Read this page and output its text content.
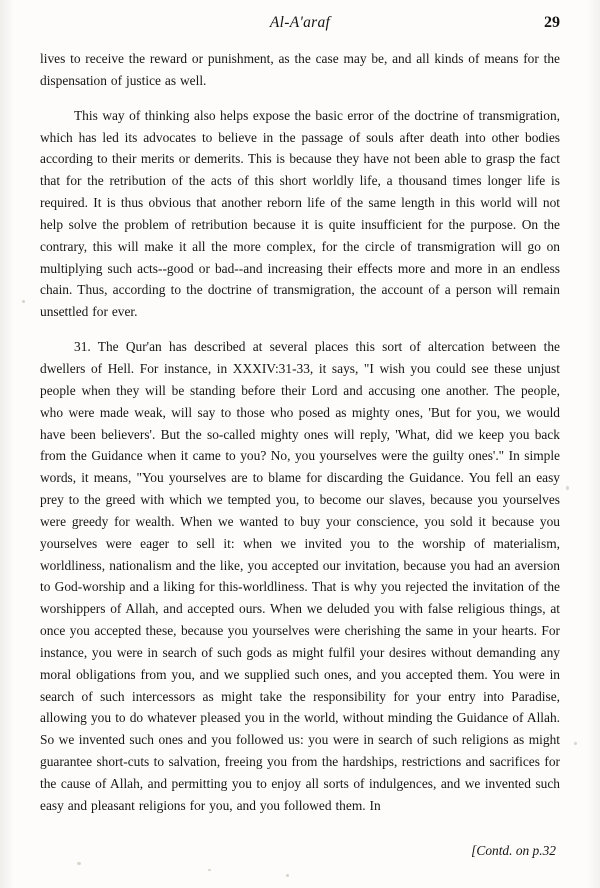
Al-A'araf	29

lives to receive the reward or punishment, as the case may be, and all kinds of means for the dispensation of justice as well.

This way of thinking also helps expose the basic error of the doctrine of transmigration, which has led its advocates to believe in the passage of souls after death into other bodies according to their merits or demerits. This is because they have not been able to grasp the fact that for the retribution of the acts of this short worldly life, a thousand times longer life is required. It is thus obvious that another reborn life of the same length in this world will not help solve the problem of retribution because it is quite insufficient for the purpose. On the contrary, this will make it all the more complex, for the circle of transmigration will go on multiplying such acts--good or bad--and increasing their effects more and more in an endless chain. Thus, according to the doctrine of transmigration, the account of a person will remain unsettled for ever.

31. The Qur'an has described at several places this sort of altercation between the dwellers of Hell. For instance, in XXXIV:31-33, it says, "I wish you could see these unjust people when they will be standing before their Lord and accusing one another. The people, who were made weak, will say to those who posed as mighty ones, 'But for you, we would have been believers'. But the so-called mighty ones will reply, 'What, did we keep you back from the Guidance when it came to you? No, you yourselves were the guilty ones'." In simple words, it means, "You yourselves are to blame for discarding the Guidance. You fell an easy prey to the greed with which we tempted you, to become our slaves, because you yourselves were greedy for wealth. When we wanted to buy your conscience, you sold it because you yourselves were eager to sell it: when we invited you to the worship of materialism, worldliness, nationalism and the like, you accepted our invitation, because you had an aversion to God-worship and a liking for this-worldliness. That is why you rejected the invitation of the worshippers of Allah, and accepted ours. When we deluded you with false religious things, at once you accepted these, because you yourselves were cherishing the same in your hearts. For instance, you were in search of such gods as might fulfil your desires without demanding any moral obligations from you, and we supplied such ones, and you accepted them. You were in search of such intercessors as might take the responsibility for your entry into Paradise, allowing you to do whatever pleased you in the world, without minding the Guidance of Allah. So we invented such ones and you followed us: you were in search of such religions as might guarantee short-cuts to salvation, freeing you from the hardships, restrictions and sacrifices for the cause of Allah, and permitting you to enjoy all sorts of indulgences, and we invented such easy and pleasant religions for you, and you followed them. In

[Contd. on p.32
